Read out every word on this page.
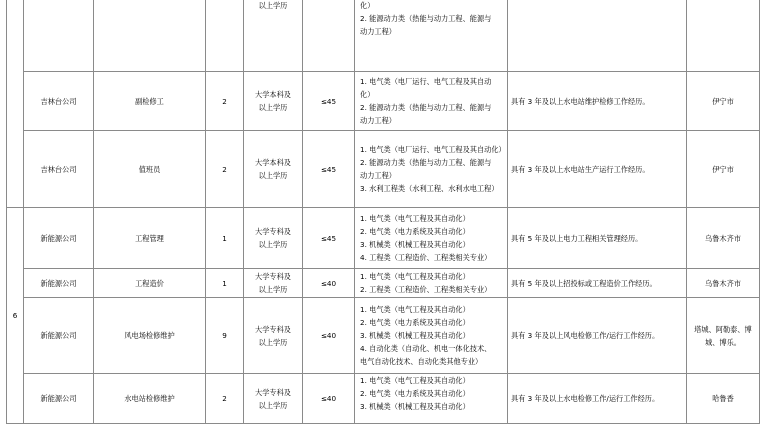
				以上学历		化）
2. 能源动力类（热能与动力工程、能源与
动力工程）		

	吉林台公司	副检修工	2	大学本科及
以上学历	≤45	1. 电气类（电厂运行、电气工程及其自动
化）
2. 能源动力类（热能与动力工程、能源与
动力工程）	具有 3 年及以上水电站维护检修工作经历。	伊宁市
	吉林台公司	值班员	2	大学本科及
以上学历	≤45	1. 电气类（电厂运行、电气工程及其自动化）
2. 能源动力类（热能与动力工程、能源与
动力工程）
3. 水利工程类（水利工程、水利水电工程）	具有 3 年及以上水电站生产运行工作经历。	伊宁市
6	新能源公司	工程管理	1	大学专科及
以上学历	≤45	1. 电气类（电气工程及其自动化）
2. 电气类（电力系统及其自动化）
3. 机械类（机械工程及其自动化）
4. 工程类（工程造价、工程类相关专业）	具有 5 年及以上电力工程相关管理经历。	乌鲁木齐市
	新能源公司	工程造价	1	大学专科及
以上学历	≤40	1. 电气类（电气工程及其自动化）
2. 工程类（工程造价、工程类相关专业）	具有 5 年及以上招投标或工程造价工作经历。	乌鲁木齐市
	新能源公司	风电场检修维护	9	大学专科及
以上学历	≤40	1. 电气类（电气工程及其自动化）
2. 电气类（电力系统及其自动化）
3. 机械类（机械工程及其自动化）
4. 自动化类（自动化、机电一体化技术、
电气自动化技术、自动化类其他专业）	具有 3 年及以上风电检修工作/运行工作经历。	塔城、阿勒泰、博
城、博乐。

	新能源公司	水电站检修维护	2	大学专科及
以上学历	≤40	1. 电气类（电气工程及其自动化）
2. 电气类（电力系统及其自动化）
3. 机械类（机械工程及其自动化）	具有 3 年及以上水电检修工作/运行工作经历。	哈鲁香
